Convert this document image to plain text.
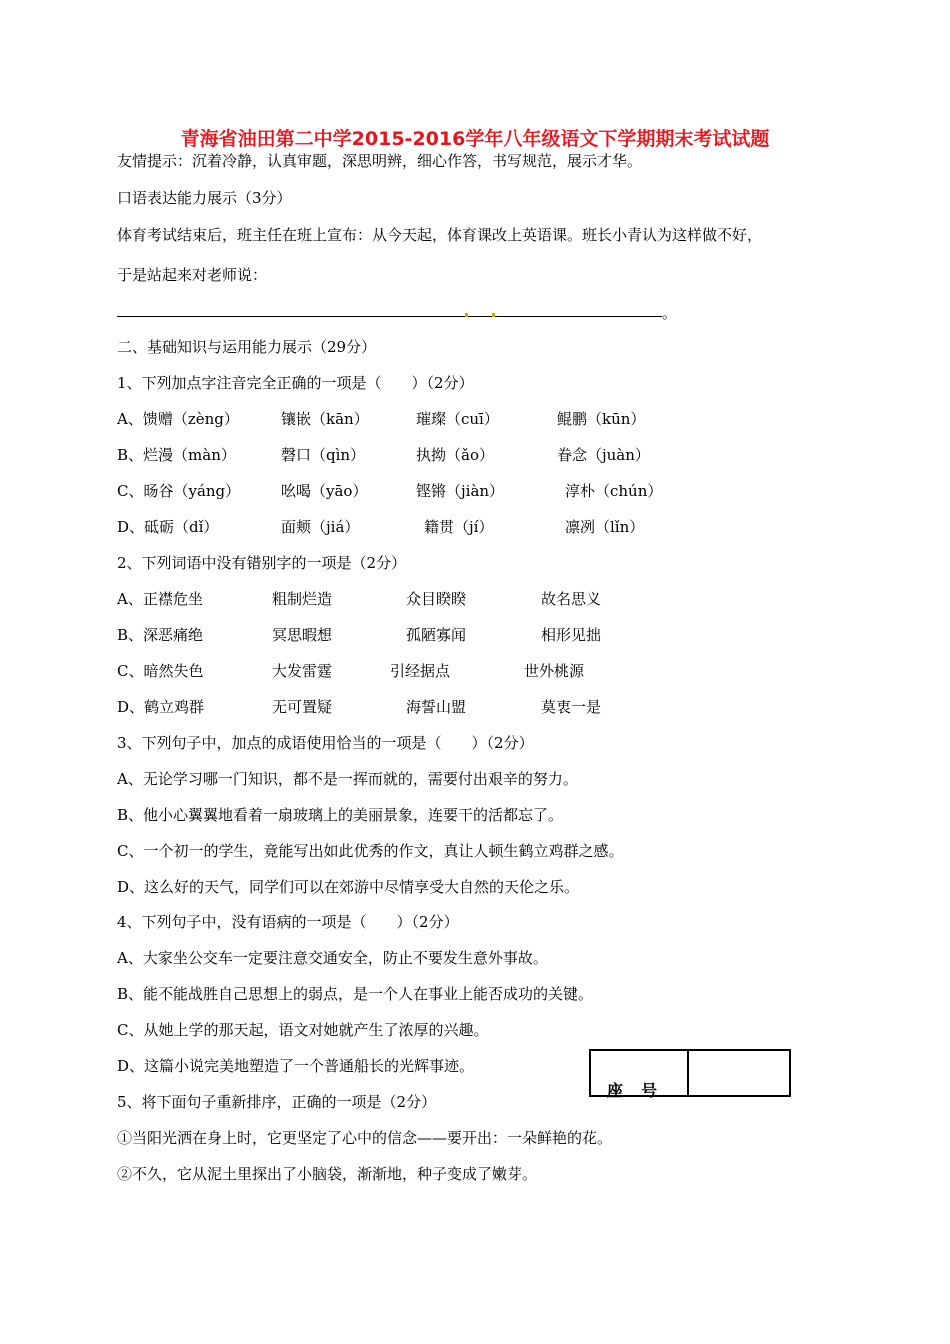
青海省油田第二中学2015-2016学年八年级语文下学期期末考试试题
友情提示：沉着冷静，认真审题，深思明辨，细心作答，书写规范，展示才华。
口语表达能力展示（3分）
体育考试结束后，班主任在班上宣布：从今天起，体育课改上英语课。班长小青认为这样做不好，
于是站起来对老师说：
。
二、基础知识与运用能力展示（29分）
1、下列加点字注音完全正确的一项是（　　）（2分）
A、馈赠（zèng）	镶嵌（kān）	璀璨（cuī）	鲲鹏（kūn）
B、烂漫（màn）	磬口（qìn）	执拗（ǎo）	眷念（juàn）
C、旸谷（yáng）	吆喝（yāo）	铿锵（jiàn）	淳朴（chún）
D、砥砺（dǐ）	面颊（jiá）	籍贯（jí）	凛冽（lǐn）
2、下列词语中没有错别字的一项是（2分）
A、正襟危坐	粗制烂造	众目睽睽	故名思义
B、深恶痛绝	冥思暇想	孤陋寡闻	相形见拙
C、暗然失色	大发雷霆	引经据点	世外桃源
D、鹤立鸡群	无可置疑	海誓山盟	莫衷一是
3、下列句子中，加点的成语使用恰当的一项是（　　）（2分）
A、无论学习哪一门知识，都不是一挥而就的，需要付出艰辛的努力。
B、他小心翼翼地看着一扇玻璃上的美丽景象，连要干的活都忘了。
C、一个初一的学生，竟能写出如此优秀的作文，真让人顿生鹤立鸡群之感。
D、这么好的天气，同学们可以在郊游中尽情享受大自然的天伦之乐。
4、下列句子中，没有语病的一项是（　　）（2分）
A、大家坐公交车一定要注意交通安全，防止不要发生意外事故。
B、能不能战胜自己思想上的弱点，是一个人在事业上能否成功的关键。
C、从她上学的那天起，语文对她就产生了浓厚的兴趣。
D、这篇小说完美地塑造了一个普通船长的光辉事迹。
5、将下面句子重新排序，正确的一项是（2分）
①当阳光洒在身上时，它更坚定了心中的信念——要开出：一朵鲜艳的花。
②不久，它从泥土里探出了小脑袋，渐渐地，种子变成了嫩芽。
座号
